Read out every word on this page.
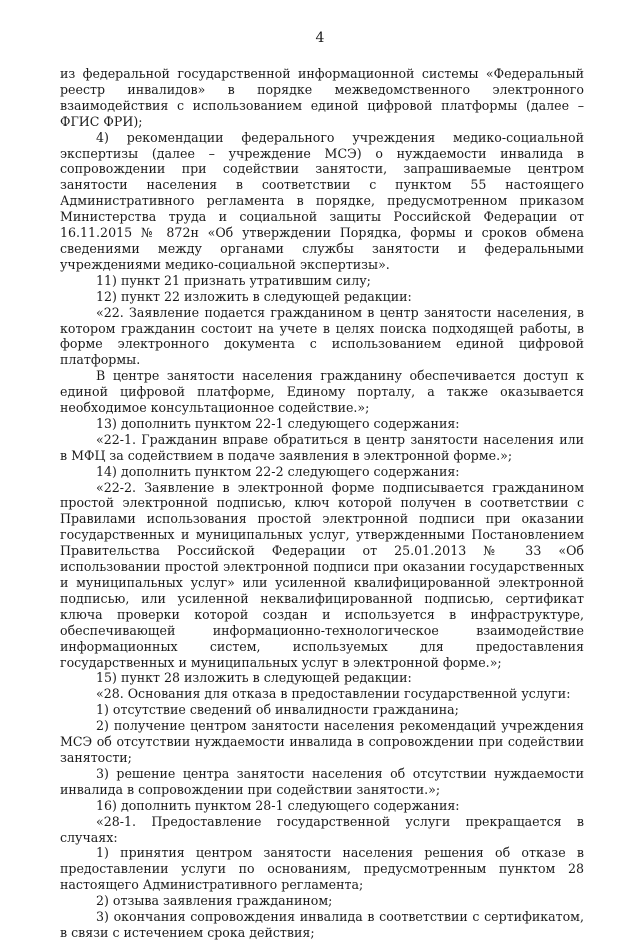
4

из федеральной государственной информационной системы «Федеральный реестр инвалидов» в порядке межведомственного электронного взаимодействия с использованием единой цифровой платформы (далее – ФГИС ФРИ);

4) рекомендации федерального учреждения медико-социальной экспертизы (далее – учреждение МСЭ) о нуждаемости инвалида в сопровождении при содействии занятости, запрашиваемые центром занятости населения в соответствии с пунктом 55 настоящего Административного регламента в порядке, предусмотренном приказом Министерства труда и социальной защиты Российской Федерации от 16.11.2015 № 872н «Об утверждении Порядка, формы и сроков обмена сведениями между органами службы занятости и федеральными учреждениями медико-социальной экспертизы».

11) пункт 21 признать утратившим силу;

12) пункт 22 изложить в следующей редакции:

«22. Заявление подается гражданином в центр занятости населения, в котором гражданин состоит на учете в целях поиска подходящей работы, в форме электронного документа с использованием единой цифровой платформы.

В центре занятости населения гражданину обеспечивается доступ к единой цифровой платформе, Единому порталу, а также оказывается необходимое консультационное содействие.»;

13) дополнить пунктом 22-1 следующего содержания:

«22-1. Гражданин вправе обратиться в центр занятости населения или в МФЦ за содействием в подаче заявления в электронной форме.»;

14) дополнить пунктом 22-2 следующего содержания:

«22-2. Заявление в электронной форме подписывается гражданином простой электронной подписью, ключ которой получен в соответствии с Правилами использования простой электронной подписи при оказании государственных и муниципальных услуг, утвержденными Постановлением Правительства Российской Федерации от 25.01.2013 № 33 «Об использовании простой электронной подписи при оказании государственных и муниципальных услуг» или усиленной квалифицированной электронной подписью, или усиленной неквалифицированной подписью, сертификат ключа проверки которой создан и используется в инфраструктуре, обеспечивающей информационно-технологическое взаимодействие информационных систем, используемых для предоставления государственных и муниципальных услуг в электронной форме.»;

15) пункт 28 изложить в следующей редакции:

«28. Основания для отказа в предоставлении государственной услуги:

1) отсутствие сведений об инвалидности гражданина;

2) получение центром занятости населения рекомендаций учреждения МСЭ об отсутствии нуждаемости инвалида в сопровождении при содействии занятости;

3) решение центра занятости населения об отсутствии нуждаемости инвалида в сопровождении при содействии занятости.»;

16) дополнить пунктом 28-1 следующего содержания:

«28-1. Предоставление государственной услуги прекращается в случаях:

1) принятия центром занятости населения решения об отказе в предоставлении услуги по основаниям, предусмотренным пунктом 28 настоящего Административного регламента;

2) отзыва заявления гражданином;

3) окончания сопровождения инвалида в соответствии с сертификатом, в связи с истечением срока действия;
